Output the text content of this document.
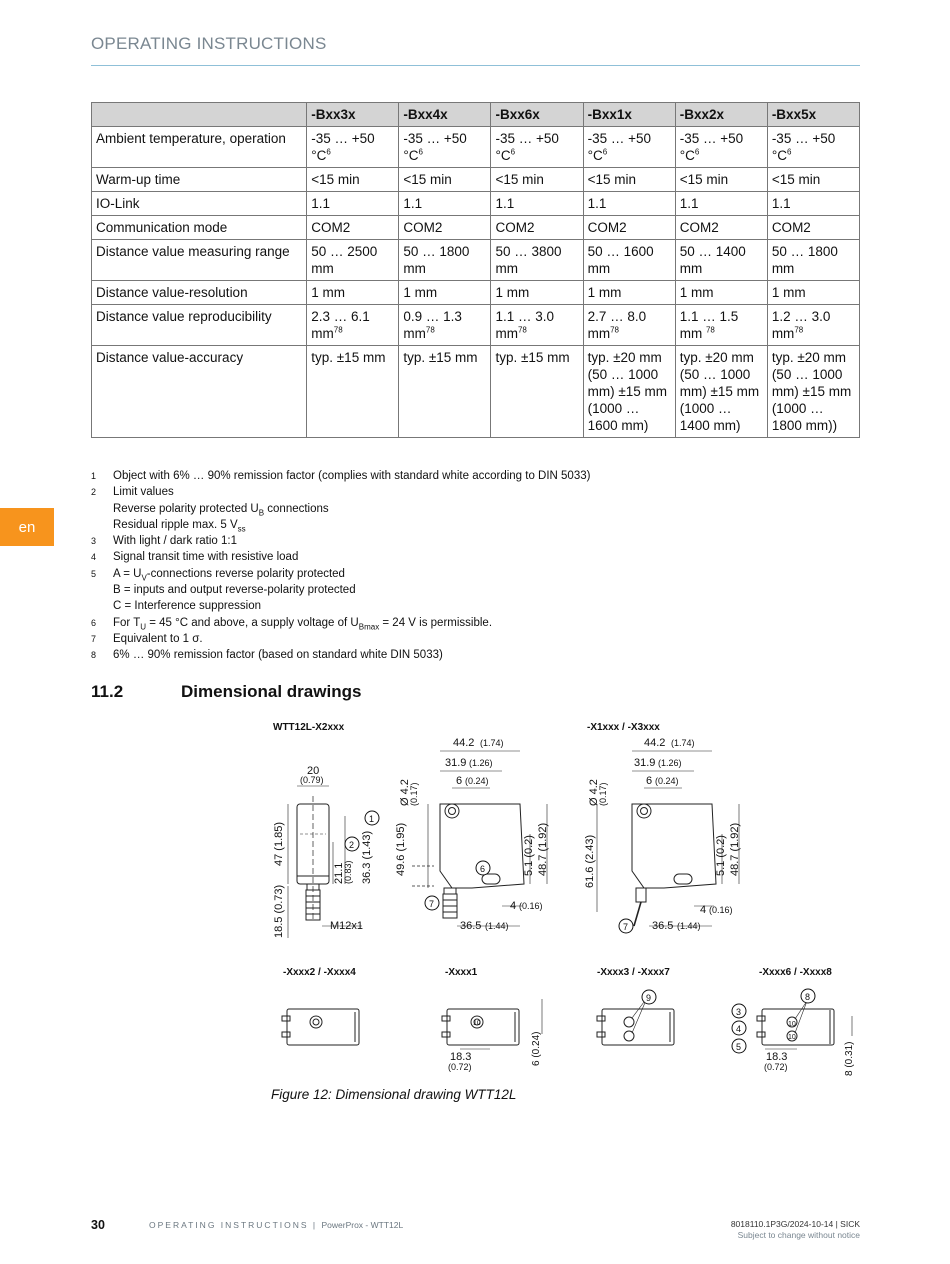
OPERATING INSTRUCTIONS
en
	-Bxx3x	-Bxx4x	-Bxx6x	-Bxx1x	-Bxx2x	-Bxx5x
Ambient temperature, operation	-35 … +50 $^\circ C^6$	-35 … +50 $^\circ C^6$	-35 … +50 $^\circ C^6$	-35 … +50 $^\circ C^6$	-35 … +50 $^\circ C^6$	-35 … +50 $^\circ C^6$
Warm-up time	<15 min	<15 min	<15 min	<15 min	<15 min	<15 min
IO-Link	1.1	1.1	1.1	1.1	1.1	1.1
Communication mode	COM2	COM2	COM2	COM2	COM2	COM2
Distance value measuring range	50 … 2500 mm	50 … 1800 mm	50 … 3800 mm	50 … 1600 mm	50 … 1400 mm	50 … 1800 mm
Distance value-resolution	1 mm	1 mm	1 mm	1 mm	1 mm	1 mm
Distance value reproducibility	2.3 … 6.1 $mm^{78}$	0.9 … 1.3 $mm^{78}$	1.1 … 3.0 $mm^{78}$	2.7 … 8.0 $mm^{78}$	1.1 … 1.5 mm $^{78}$	1.2 … 3.0 $mm^{78}$
Distance value-accuracy	typ. ±15 mm	typ. ±15 mm	typ. ±15 mm	typ. ±20 mm (50 … 1000 mm) ±15 mm (1000 … 1600 mm)	typ. ±20 mm (50 … 1000 mm) ±15 mm (1000 … 1400 mm)	typ. ±20 mm (50 … 1000 mm) ±15 mm (1000 … 1800 mm))
1	Object with 6% … 90% remission factor (complies with standard white according to DIN 5033)
2	Limit values
Reverse polarity protected $U_B$ connections
Residual ripple max. 5 $V_{ss}$
3	With light / dark ratio 1:1
4	Signal transit time with resistive load
5	$A = U_V$-connections reverse polarity protected
B = inputs and output reverse-polarity protected
C = Interference suppression
6	For $T_U = 45$ °C and above, a supply voltage of $U_{Bmax} = 24$ V is permissible.
7	Equivalent to 1 σ.
8	6% … 90% remission factor (based on standard white DIN 5033)
11.2	Dimensional drawings
WTT12L-X2xxx	-X1xxx / -X3xxx
20
(0.79)
47 (1.85)
18.5 (0.73)
21.1
(0.83) 36.3 (1.43)
M12x1
44.2 (1.74)
31.9 (1.26)
6 (0.24)
Ø 4.2
(0.17)
49.6 (1.95)	5.1 (0.2) 48.7 (1.92)
4 (0.16)
36.5 (1.44)
44.2 (1.74)
31.9 (1.26)
6 (0.24)
Ø 4.2
(0.17)
61.6 (2.43)	5.1 (0.2) 48.7 (1.92)
4 (0.16)
36.5 (1.44)
-Xxxx2 / -Xxxx4	-Xxxx1	-Xxxx3 / -Xxxx7	-Xxxx6 / -Xxxx8
18.3
(0.72)
6 (0.24)	18.3
(0.72)	8 (0.31)
1
2
6
7
7
9	8
3
4
5
10
10
10
Figure 12: Dimensional drawing WTT12L
30	OPERATING INSTRUCTIONS | PowerProx - WTT12L	8018110.1P3G/2024-10-14 | SICK
Subject to change without notice
